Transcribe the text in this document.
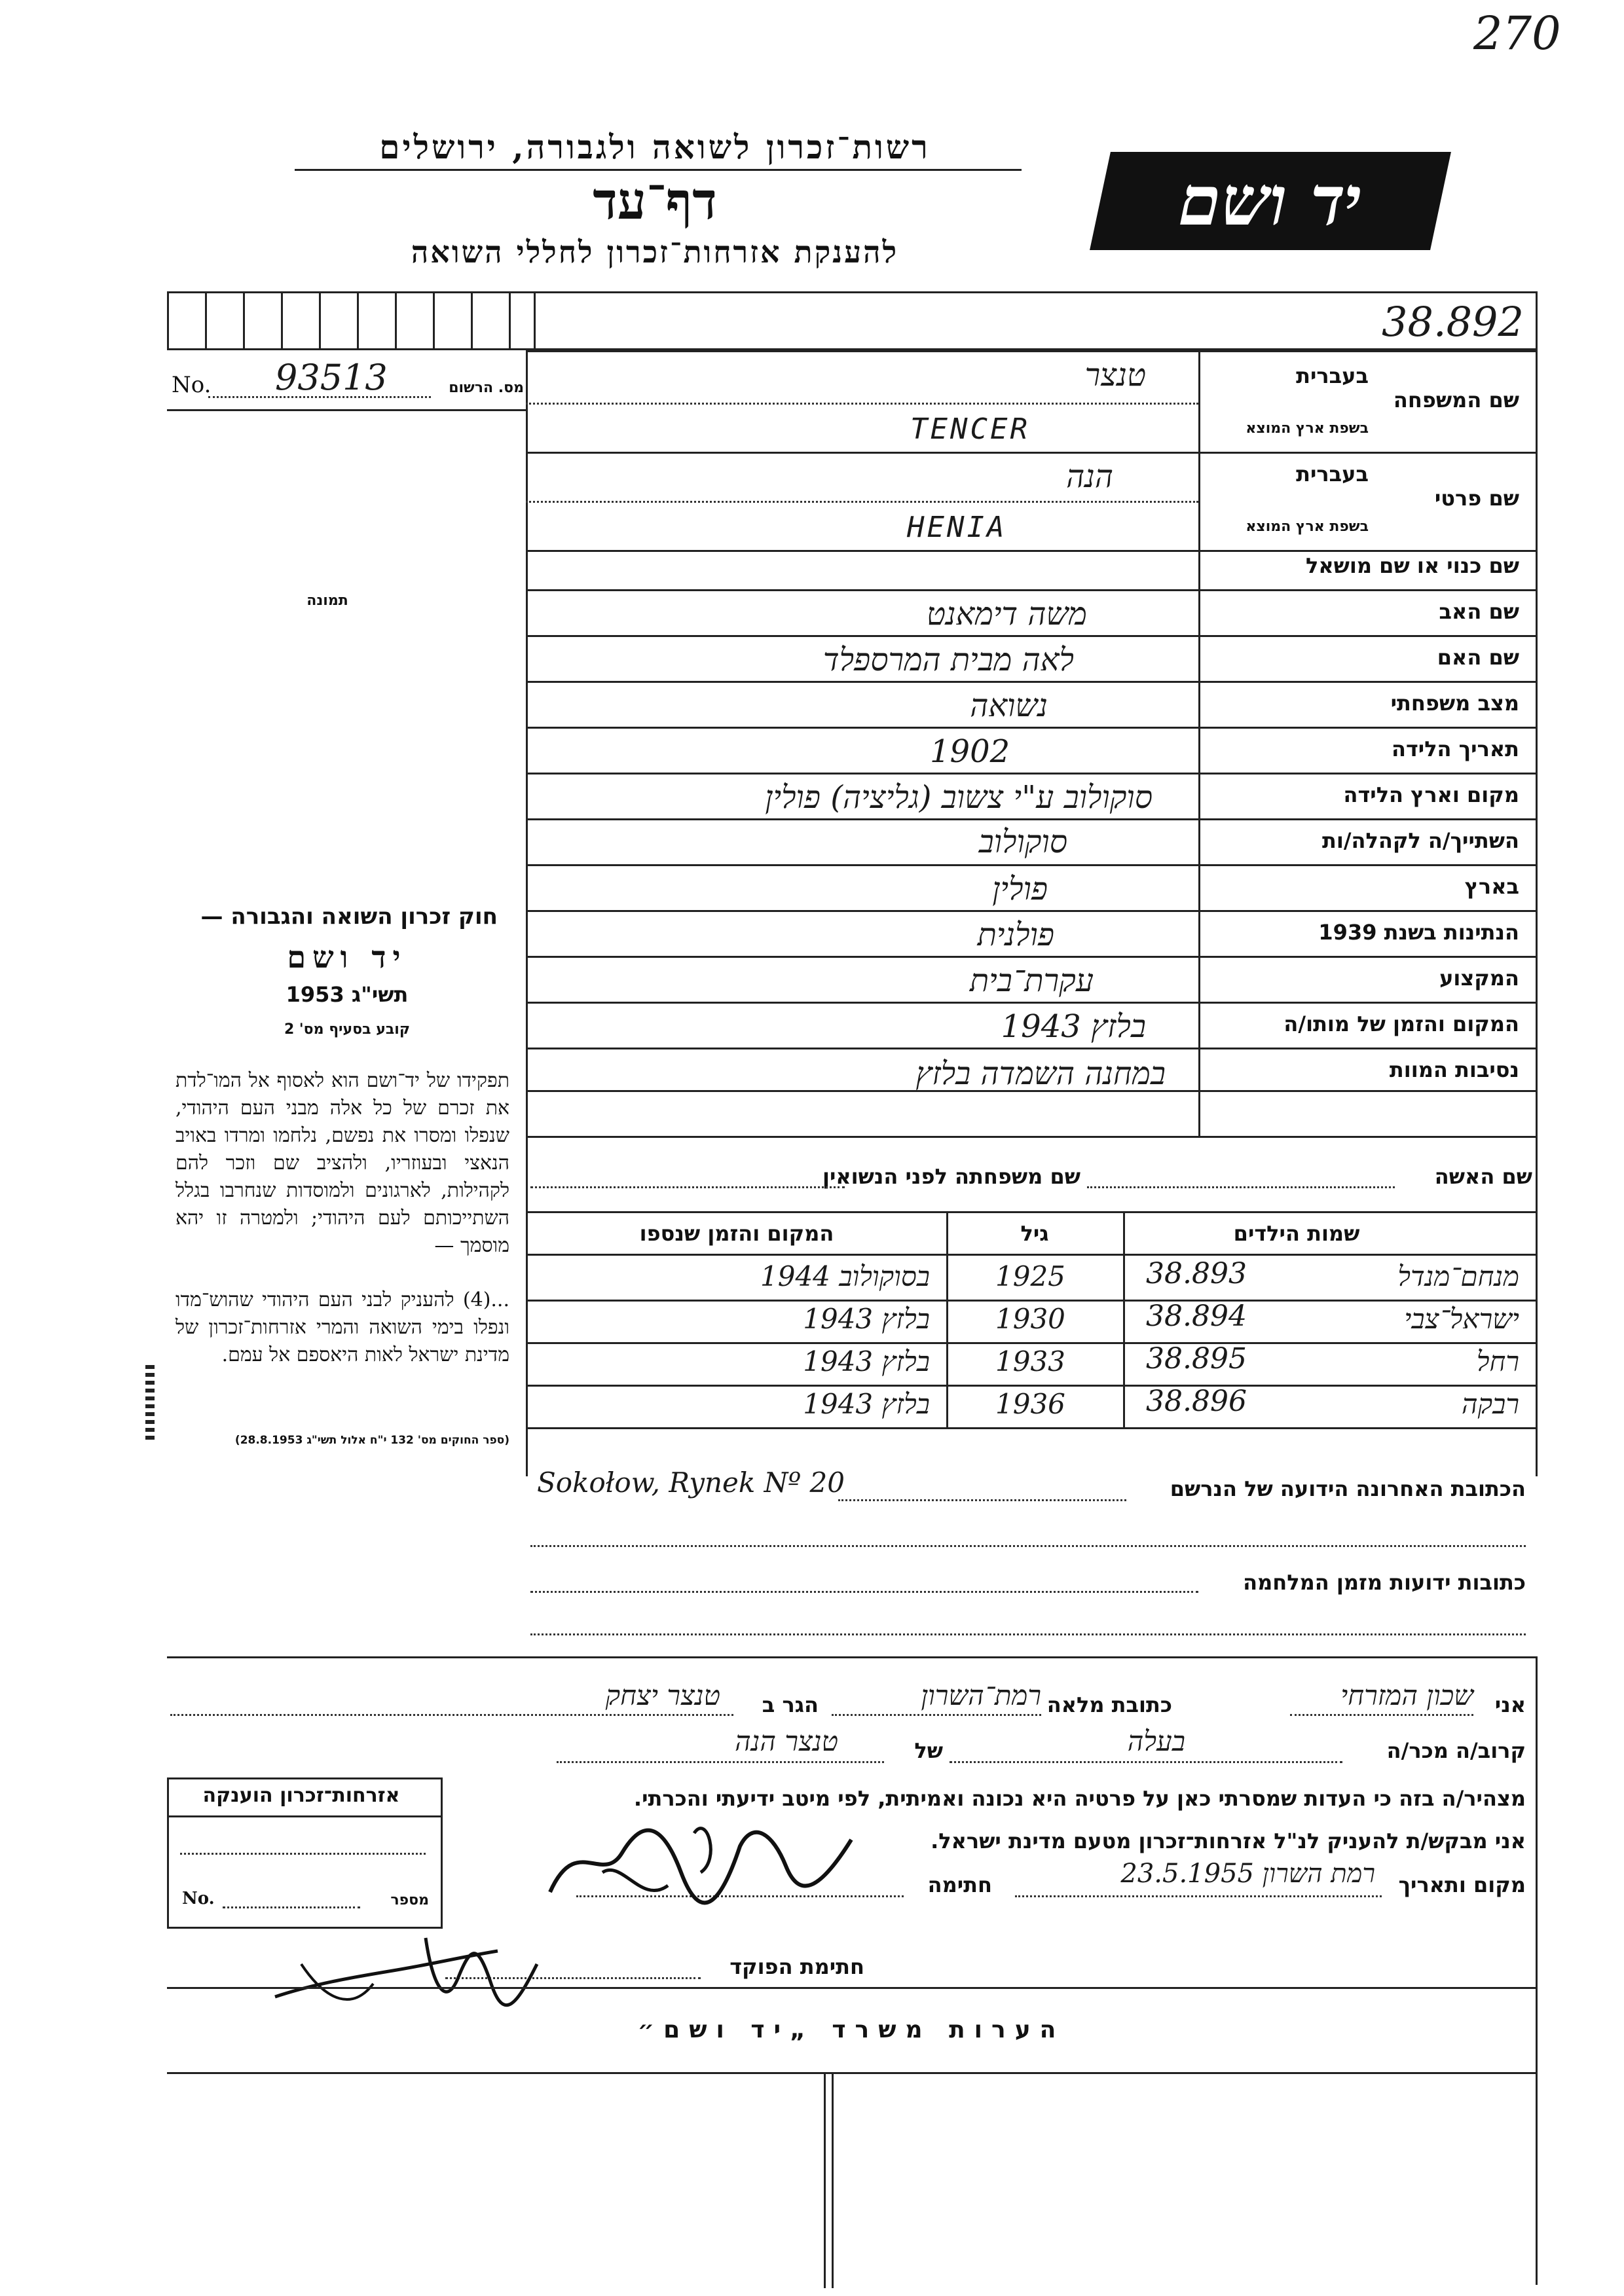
270
רשות־זכרון לשואה ולגבורה, ירושלים
דף־עד
להענקת אזרחות־זכרון לחללי השואה
יד ושם
38.892
No. 93513	מס. הרשום
תמונה
שם המשפחה
בעברית
בשפת ארץ המוצא
טנצר
TENCER
שם פרטי
בעברית
בשפת ארץ המוצא
הנה
HENIA
שם כנוי או שם מושאל
שם האב
משה דימאנט
שם האם
לאה מבית המרספלד
מצב משפחתי
נשואה
תאריך הלידה
1902
מקום וארץ הלידה
סוקולוב ע"י צשוב (גליציה) פולין
השתייך/ה לקהלה/ות
סוקולוב
בארץ
פולין
הנתינות בשנת 1939
פולנית
המקצוע
עקרת־בית
המקום והזמן של מותו/ה
בלזץ 1943
נסיבות המוות
במחנה השמדה בלזץ
שם האשה
שם משפחתה לפני הנשואין
שמות הילדים
גיל
המקום והזמן שנספו
מנחם־מנדל
38.893
1925
בסוקולוב 1944
ישראל־צבי
38.894
1930
בלזץ 1943
רחל
38.895
1933
בלזץ 1943
רבקה
38.896
1936
בלזץ 1943
חוק זכרון השואה והגבורה —
יד ושם
תשי"ג 1953
קובע בסעיף מס' 2
תפקידו של יד־ושם הוא לאסוף אל המו־לדת את זכרם של כל אלה מבני העם היהודי, שנפלו ומסרו את נפשם, נלחמו ומרדו באויב הנאצי ובעוזריו, ולהציב שם וזכר להם לקהילות, לארגונים ולמוסדות שנחרבו בגלל השתייכותם לעם היהודי; ולמטרה זו יהא מוסמך —
...(4) להעניק לבני העם היהודי שהוש־מדו ונפלו בימי השואה והמרי אזרחות־זכרון של מדינת ישראל לאות היאספם אל עמם.
(ספר החוקים מס' 132 י"ח אלול תשי"ג 28.8.1953)
הכתובת האחרונה הידועה של הנרשם
Sokołow, Rynek Nº 20
כתובות ידועות מזמן המלחמה
אני
שכון המזרחי
כתובת מלאה
רמת־השרון
הגר ב
טנצר יצחק
קרוב/ה מכר/ה
בעלה
של
טנצר הנה
מצהיר/ה בזה כי העדות שמסרתי כאן על פרטיה היא נכונה ואמיתית, לפי מיטב ידיעתי והכרתי.
אני מבקש/ת להעניק לנ"ל אזרחות־זכרון מטעם מדינת ישראל.
מקום ותאריך
רמת השרון 23.5.1955
חתימה
חתימת הפוקד
אזרחות־זכרון הוענקה
No.	מספר
הערות משרד „יד ושם״
